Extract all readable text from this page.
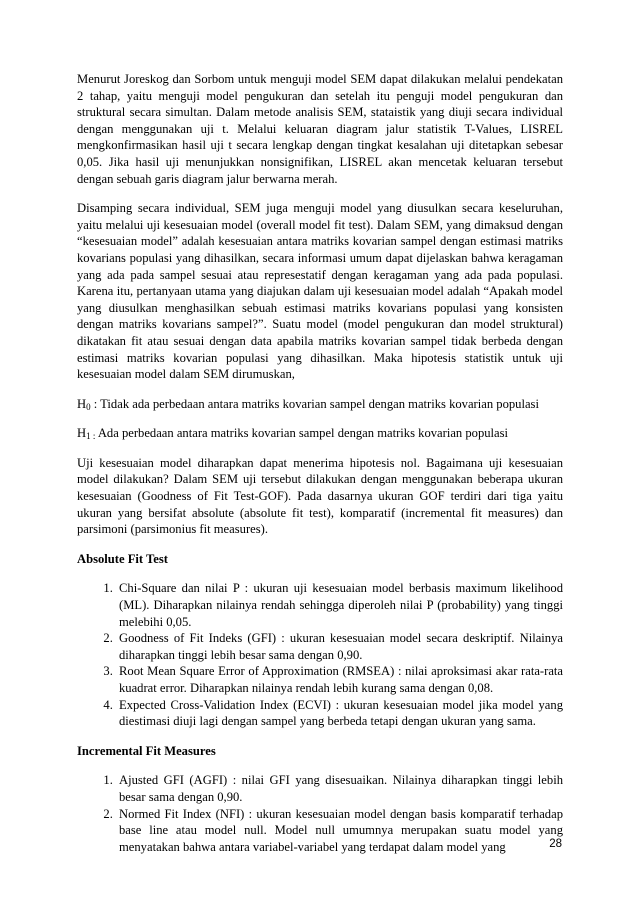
Menurut Joreskog dan Sorbom untuk menguji model SEM dapat dilakukan melalui pendekatan 2 tahap, yaitu menguji model pengukuran dan setelah itu penguji model pengukuran dan struktural secara simultan. Dalam metode analisis SEM, stataistik yang diuji secara individual dengan menggunakan uji t. Melalui keluaran diagram jalur statistik T-Values, LISREL mengkonfirmasikan hasil uji t secara lengkap dengan tingkat kesalahan uji ditetapkan sebesar 0,05. Jika hasil uji menunjukkan nonsignifikan, LISREL akan mencetak keluaran tersebut dengan sebuah garis diagram jalur berwarna merah.

Disamping secara individual, SEM juga menguji model yang diusulkan secara keseluruhan, yaitu melalui uji kesesuaian model (overall model fit test). Dalam SEM, yang dimaksud dengan “kesesuaian model” adalah kesesuaian antara matriks kovarian sampel dengan estimasi matriks kovarians populasi yang dihasilkan, secara informasi umum dapat dijelaskan bahwa keragaman yang ada pada sampel sesuai atau represestatif dengan keragaman yang ada pada populasi. Karena itu, pertanyaan utama yang diajukan dalam uji kesesuaian model adalah “Apakah model yang diusulkan menghasilkan sebuah estimasi matriks kovarians populasi yang konsisten dengan matriks kovarians sampel?”. Suatu model (model pengukuran dan model struktural) dikatakan fit atau sesuai dengan data apabila matriks kovarian sampel tidak berbeda dengan estimasi matriks kovarian populasi yang dihasilkan. Maka hipotesis statistik untuk uji kesesuaian model dalam SEM dirumuskan,

$H_0$ : Tidak ada perbedaan antara matriks kovarian sampel dengan matriks kovarian populasi

$H_{1 :}$ Ada perbedaan antara matriks kovarian sampel dengan matriks kovarian populasi

Uji kesesuaian model diharapkan dapat menerima hipotesis nol. Bagaimana uji kesesuaian model dilakukan? Dalam SEM uji tersebut dilakukan dengan menggunakan beberapa ukuran kesesuaian (Goodness of Fit Test-GOF). Pada dasarnya ukuran GOF terdiri dari tiga yaitu ukuran yang bersifat absolute (absolute fit test), komparatif (incremental fit measures) dan parsimoni (parsimonius fit measures).

Absolute Fit Test
1. Chi-Square dan nilai P : ukuran uji kesesuaian model berbasis maximum likelihood (ML). Diharapkan nilainya rendah sehingga diperoleh nilai P (probability) yang tinggi melebihi 0,05.
2. Goodness of Fit Indeks (GFI) : ukuran kesesuaian model secara deskriptif. Nilainya diharapkan tinggi lebih besar sama dengan 0,90.
3. Root Mean Square Error of Approximation (RMSEA) : nilai aproksimasi akar rata-rata kuadrat error. Diharapkan nilainya rendah lebih kurang sama dengan 0,08.
4. Expected Cross-Validation Index (ECVI) : ukuran kesesuaian model jika model yang diestimasi diuji lagi dengan sampel yang berbeda tetapi dengan ukuran yang sama.
Incremental Fit Measures
1. Ajusted GFI (AGFI) : nilai GFI yang disesuaikan. Nilainya diharapkan tinggi lebih besar sama dengan 0,90.
2. Normed Fit Index (NFI) : ukuran kesesuaian model dengan basis komparatif terhadap base line atau model null. Model null umumnya merupakan suatu model yang menyatakan bahwa antara variabel-variabel yang terdapat dalam model yang	28
